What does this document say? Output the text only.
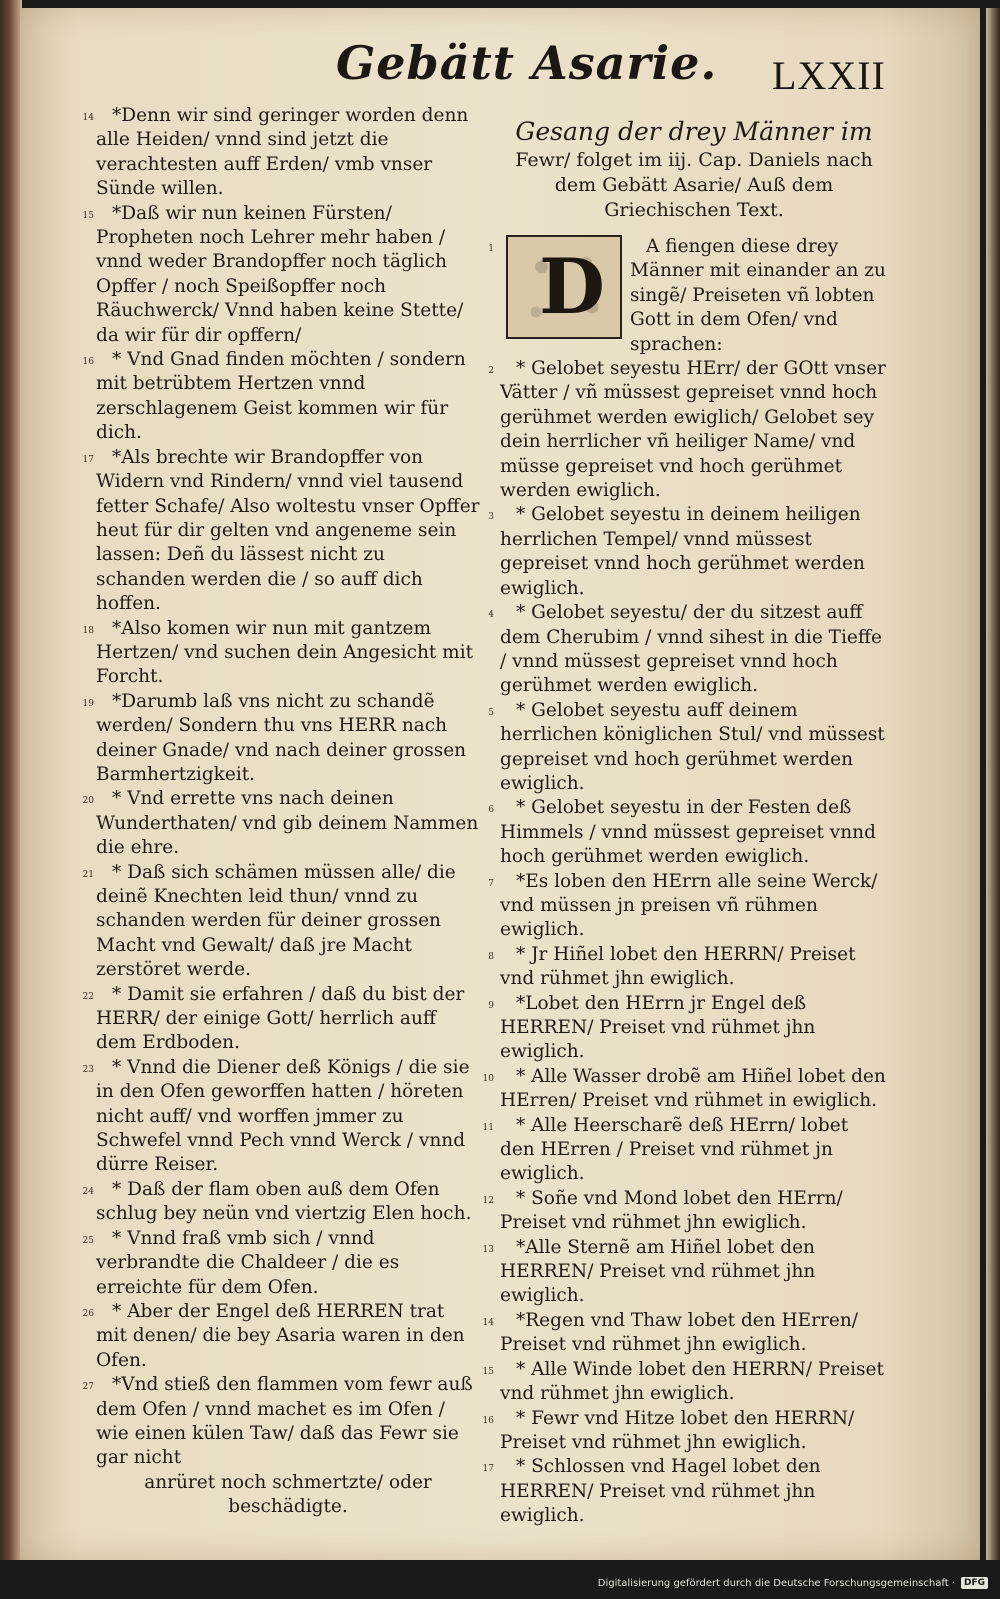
Gebätt Asarie. LXXII
14 *Denn wir sind geringer worden denn alle Heiden/ vnnd sind jetzt die verachtesten auff Erden/ vmb vnser Sünde willen.
15 *Daß wir nun keinen Fürsten/ Propheten noch Lehrer mehr haben / vnnd weder Brandopffer noch täglich Opffer / noch Speißopffer noch Räuchwerck/ Vnnd haben keine Stette/ da wir für dir opffern/
16 * Vnd Gnad finden möchten / sondern mit betrübtem Hertzen vnnd zerschlagenem Geist kommen wir für dich.
17 *Als brechte wir Brandopffer von Widern vnd Rindern/ vnnd viel tausend fetter Schafe/ Also woltestu vnser Opffer heut für dir gelten vnd angeneme sein lassen: Deñ du lässest nicht zu schanden werden die / so auff dich hoffen.
18 *Also komen wir nun mit gantzem Hertzen/ vnd suchen dein Angesicht mit Forcht.
19 *Darumb laß vns nicht zu schandẽ werden/ Sondern thu vns HERR nach deiner Gnade/ vnd nach deiner grossen Barmhertzigkeit.
20 * Vnd errette vns nach deinen Wunderthaten/ vnd gib deinem Nammen die ehre.
21 * Daß sich schämen müssen alle/ die deinẽ Knechten leid thun/ vnnd zu schanden werden für deiner grossen Macht vnd Gewalt/ daß jre Macht zerstöret werde.
22 * Damit sie erfahren / daß du bist der HERR/ der einige Gott/ herrlich auff dem Erdboden.
23 * Vnnd die Diener deß Königs / die sie in den Ofen geworffen hatten / höreten nicht auff/ vnd worffen jmmer zu Schwefel vnnd Pech vnnd Werck / vnnd dürre Reiser.
24 * Daß der flam oben auß dem Ofen schlug bey neün vnd viertzig Elen hoch.
25 * Vnnd fraß vmb sich / vnnd verbrandte die Chaldeer / die es erreichte für dem Ofen.
26 * Aber der Engel deß HERREN trat mit denen/ die bey Asaria waren in den Ofen.
27 *Vnd stieß den flammen vom fewr auß dem Ofen / vnnd machet es im Ofen / wie einen külen Taw/ daß das Fewr sie gar nicht
anrüret noch schmertzte/ oder beschädigte.
Gesang der drey Männer im
Fewr/ folget im iij. Cap. Daniels nach dem Gebätt Asarie/ Auß dem Griechischen Text.
1 D	A fiengen diese drey Männer mit einander an zu singẽ/ Preiseten vñ lobten Gott in dem Ofen/ vnd sprachen:
2 * Gelobet seyestu HErr/ der GOtt vnser Vätter / vñ müssest gepreiset vnnd hoch gerühmet werden ewiglich/ Gelobet sey dein herrlicher vñ heiliger Name/ vnd müsse gepreiset vnd hoch gerühmet werden ewiglich.
3 * Gelobet seyestu in deinem heiligen herrlichen Tempel/ vnnd müssest gepreiset vnnd hoch gerühmet werden ewiglich.
4 * Gelobet seyestu/ der du sitzest auff dem Cherubim / vnnd sihest in die Tieffe / vnnd müssest gepreiset vnnd hoch gerühmet werden ewiglich.
5 * Gelobet seyestu auff deinem herrlichen königlichen Stul/ vnd müssest gepreiset vnd hoch gerühmet werden ewiglich.
6 * Gelobet seyestu in der Festen deß Himmels / vnnd müssest gepreiset vnnd hoch gerühmet werden ewiglich.
7 *Es loben den HErrn alle seine Werck/ vnd müssen jn preisen vñ rühmen ewiglich.
8 * Jr Hiñel lobet den HERRN/ Preiset vnd rühmet jhn ewiglich.
9 *Lobet den HErrn jr Engel deß HERREN/ Preiset vnd rühmet jhn ewiglich.
10 * Alle Wasser drobẽ am Hiñel lobet den HErren/ Preiset vnd rühmet in ewiglich.
11 * Alle Heerscharẽ deß HErrn/ lobet den HErren / Preiset vnd rühmet jn ewiglich.
12 * Soñe vnd Mond lobet den HErrn/ Preiset vnd rühmet jhn ewiglich.
13 *Alle Sternẽ am Hiñel lobet den HERREN/ Preiset vnd rühmet jhn ewiglich.
14 *Regen vnd Thaw lobet den HErren/ Preiset vnd rühmet jhn ewiglich.
15 * Alle Winde lobet den HERRN/ Preiset vnd rühmet jhn ewiglich.
16 * Fewr vnd Hitze lobet den HERRN/ Preiset vnd rühmet jhn ewiglich.
17 * Schlossen vnd Hagel lobet den HERREN/ Preiset vnd rühmet jhn ewiglich.
Digitalisierung gefördert durch die Deutsche Forschungsgemeinschaft ·	DFG
